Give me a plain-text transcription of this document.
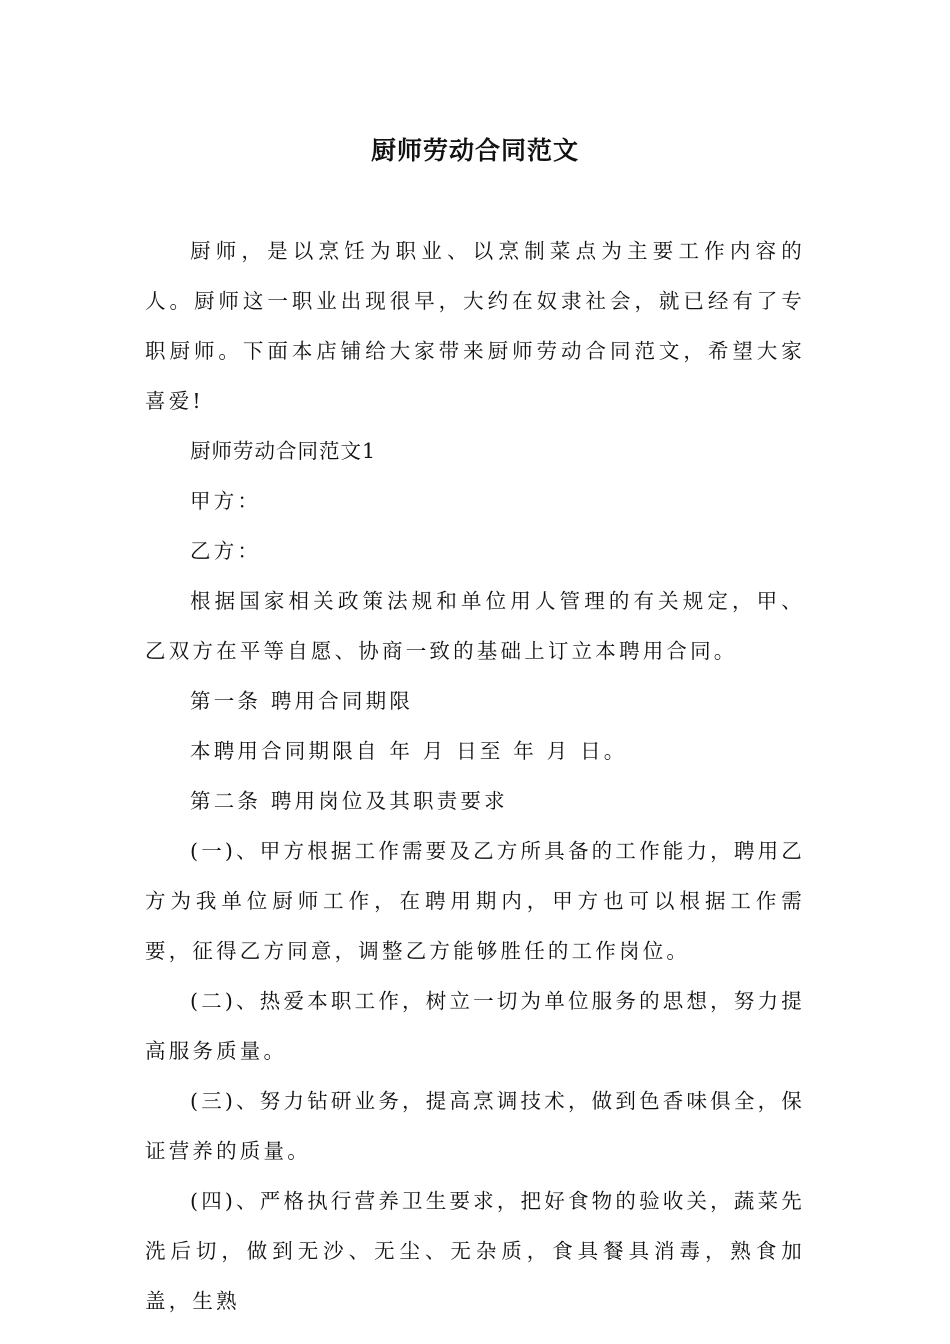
厨师劳动合同范文

厨师，是以烹饪为职业、以烹制菜点为主要工作内容的人。厨师这一职业出现很早，大约在奴隶社会，就已经有了专职厨师。下面本店铺给大家带来厨师劳动合同范文，希望大家喜爱!

厨师劳动合同范文1

甲方：

乙方：

根据国家相关政策法规和单位用人管理的有关规定，甲、乙双方在平等自愿、协商一致的基础上订立本聘用合同。

第一条 聘用合同期限

本聘用合同期限自 年 月 日至 年 月 日。

第二条 聘用岗位及其职责要求

(一)、甲方根据工作需要及乙方所具备的工作能力，聘用乙方为我单位厨师工作，在聘用期内，甲方也可以根据工作需要，征得乙方同意，调整乙方能够胜任的工作岗位。

(二)、热爱本职工作，树立一切为单位服务的思想，努力提高服务质量。

(三)、努力钻研业务，提高烹调技术，做到色香味俱全，保证营养的质量。

(四)、严格执行营养卫生要求，把好食物的验收关，蔬菜先洗后切，做到无沙、无尘、无杂质，食具餐具消毒，熟食加盖，生熟
